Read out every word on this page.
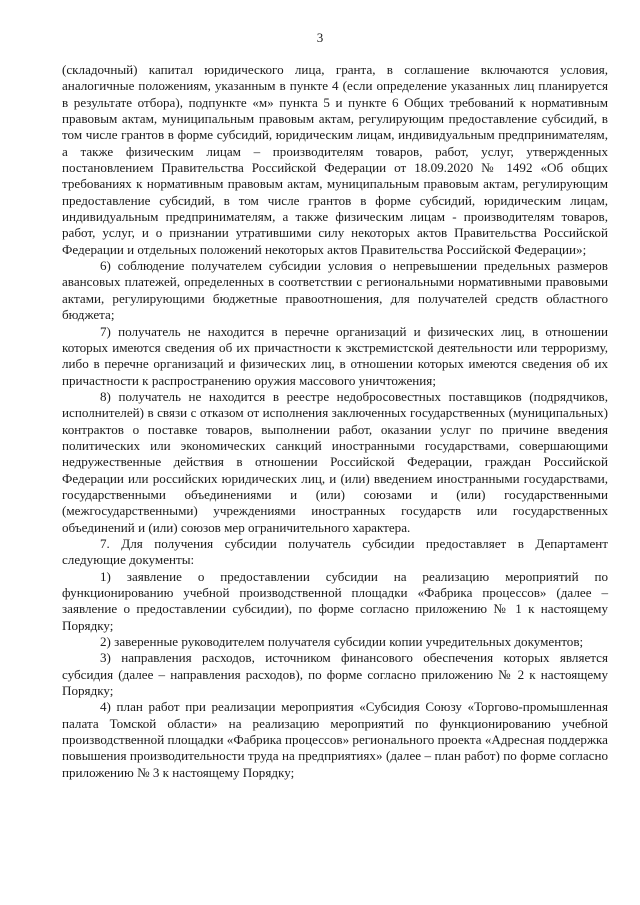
3

(складочный) капитал юридического лица, гранта, в соглашение включаются условия, аналогичные положениям, указанным в пункте 4 (если определение указанных лиц планируется в результате отбора), подпункте «м» пункта 5 и пункте 6 Общих требований к нормативным правовым актам, муниципальным правовым актам, регулирующим предоставление субсидий, в том числе грантов в форме субсидий, юридическим лицам, индивидуальным предпринимателям, а также физическим лицам – производителям товаров, работ, услуг, утвержденных постановлением Правительства Российской Федерации от 18.09.2020 № 1492 «Об общих требованиях к нормативным правовым актам, муниципальным правовым актам, регулирующим предоставление субсидий, в том числе грантов в форме субсидий, юридическим лицам, индивидуальным предпринимателям, а также физическим лицам - производителям товаров, работ, услуг, и о признании утратившими силу некоторых актов Правительства Российской Федерации и отдельных положений некоторых актов Правительства Российской Федерации»;

6) соблюдение получателем субсидии условия о непревышении предельных размеров авансовых платежей, определенных в соответствии с региональными нормативными правовыми актами, регулирующими бюджетные правоотношения, для получателей средств областного бюджета;

7) получатель не находится в перечне организаций и физических лиц, в отношении которых имеются сведения об их причастности к экстремистской деятельности или терроризму, либо в перечне организаций и физических лиц, в отношении которых имеются сведения об их причастности к распространению оружия массового уничтожения;

8) получатель не находится в реестре недобросовестных поставщиков (подрядчиков, исполнителей) в связи с отказом от исполнения заключенных государственных (муниципальных) контрактов о поставке товаров, выполнении работ, оказании услуг по причине введения политических или экономических санкций иностранными государствами, совершающими недружественные действия в отношении Российской Федерации, граждан Российской Федерации или российских юридических лиц, и (или) введением иностранными государствами, государственными объединениями и (или) союзами и (или) государственными (межгосударственными) учреждениями иностранных государств или государственных объединений и (или) союзов мер ограничительного характера.

7. Для получения субсидии получатель субсидии предоставляет в Департамент следующие документы:

1) заявление о предоставлении субсидии на реализацию мероприятий по функционированию учебной производственной площадки «Фабрика процессов» (далее – заявление о предоставлении субсидии), по форме согласно приложению № 1 к настоящему Порядку;

2) заверенные руководителем получателя субсидии копии учредительных документов;

3) направления расходов, источником финансового обеспечения которых является субсидия (далее – направления расходов), по форме согласно приложению № 2 к настоящему Порядку;

4) план работ при реализации мероприятия «Субсидия Союзу «Торгово-промышленная палата Томской области» на реализацию мероприятий по функционированию учебной производственной площадки «Фабрика процессов» регионального проекта «Адресная поддержка повышения производительности труда на предприятиях» (далее – план работ) по форме согласно приложению № 3 к настоящему Порядку;
